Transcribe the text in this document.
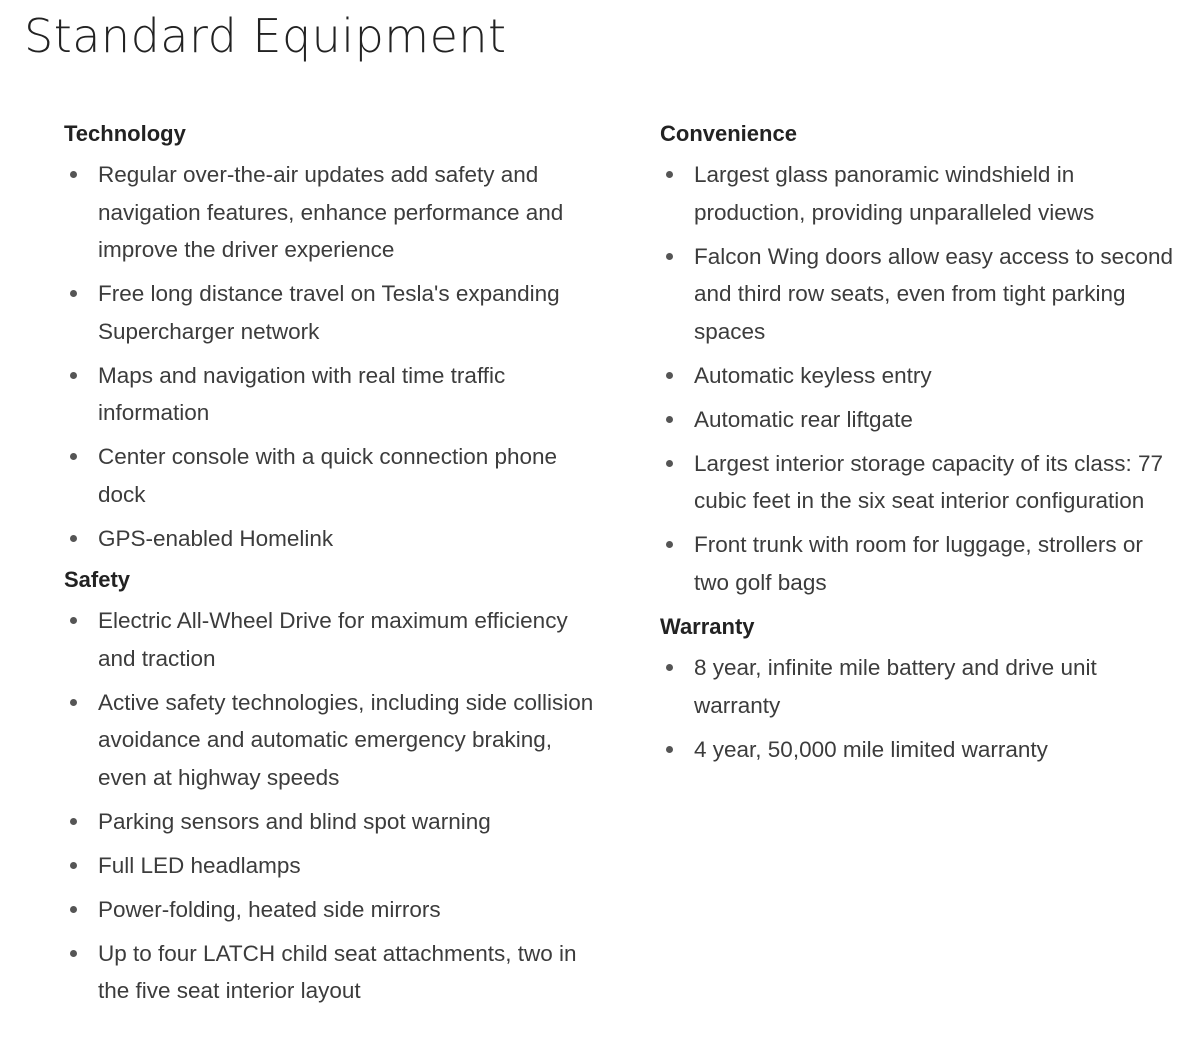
Standard Equipment
Technology
Regular over-the-air updates add safety and navigation features, enhance performance and improve the driver experience
Free long distance travel on Tesla's expanding Supercharger network
Maps and navigation with real time traffic information
Center console with a quick connection phone dock
GPS-enabled Homelink
Safety
Electric All-Wheel Drive for maximum efficiency and traction
Active safety technologies, including side collision avoidance and automatic emergency braking, even at highway speeds
Parking sensors and blind spot warning
Full LED headlamps
Power-folding, heated side mirrors
Up to four LATCH child seat attachments, two in the five seat interior layout
Convenience
Largest glass panoramic windshield in production, providing unparalleled views
Falcon Wing doors allow easy access to second and third row seats, even from tight parking spaces
Automatic keyless entry
Automatic rear liftgate
Largest interior storage capacity of its class: 77 cubic feet in the six seat interior configuration
Front trunk with room for luggage, strollers or two golf bags
Warranty
8 year, infinite mile battery and drive unit warranty
4 year, 50,000 mile limited warranty
